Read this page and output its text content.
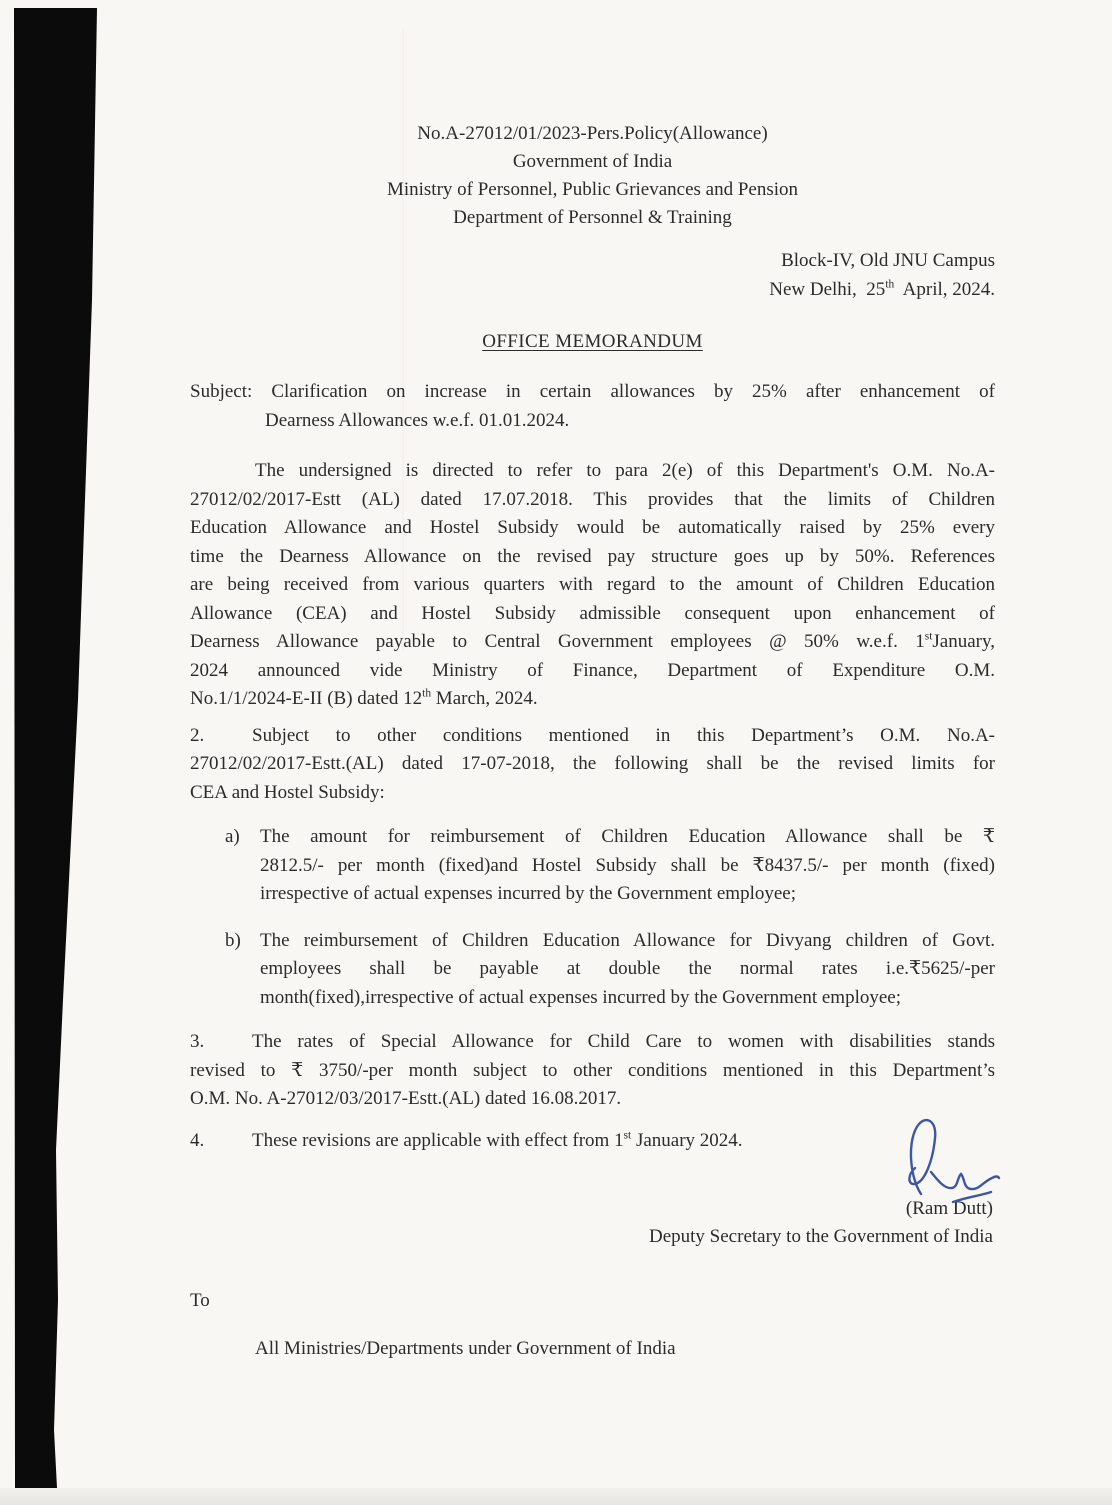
No.A-27012/01/2023-Pers.Policy(Allowance)
Government of India
Ministry of Personnel, Public Grievances and Pension
Department of Personnel & Training
Block-IV, Old JNU Campus
New Delhi,  25th  April, 2024.
OFFICE MEMORANDUM
Subject: Clarification on increase in certain allowances by 25% after enhancement of
Dearness Allowances w.e.f. 01.01.2024.
The undersigned is directed to refer to para 2(e) of this Department's O.M. No.A-
27012/02/2017-Estt (AL) dated 17.07.2018. This provides that the limits of Children
Education Allowance and Hostel Subsidy would be automatically raised by 25% every
time the Dearness Allowance on the revised pay structure goes up by 50%. References
are being received from various quarters with regard to the amount of Children Education
Allowance (CEA) and Hostel Subsidy admissible consequent upon enhancement of
Dearness Allowance payable to Central Government employees @ 50% w.e.f. 1stJanuary,
2024 announced vide Ministry of Finance, Department of Expenditure O.M.
No.1/1/2024-E-II (B) dated 12th March, 2024.
2.	Subject to other conditions mentioned in this Department’s O.M. No.A-
27012/02/2017-Estt.(AL) dated 17-07-2018, the following shall be the revised limits for
CEA and Hostel Subsidy:
a) The amount for reimbursement of Children Education Allowance shall be ₹
2812.5/- per month (fixed)and Hostel Subsidy shall be ₹8437.5/- per month (fixed)
irrespective of actual expenses incurred by the Government employee;
b) The reimbursement of Children Education Allowance for Divyang children of Govt.
employees shall be payable at double the normal rates i.e.₹5625/-per
month(fixed),irrespective of actual expenses incurred by the Government employee;
3.	The rates of Special Allowance for Child Care to women with disabilities stands
revised to ₹ 3750/-per month subject to other conditions mentioned in this Department’s
O.M. No. A-27012/03/2017-Estt.(AL) dated 16.08.2017.
4.	These revisions are applicable with effect from 1st January 2024.
(Ram Dutt)
Deputy Secretary to the Government of India
To
All Ministries/Departments under Government of India
